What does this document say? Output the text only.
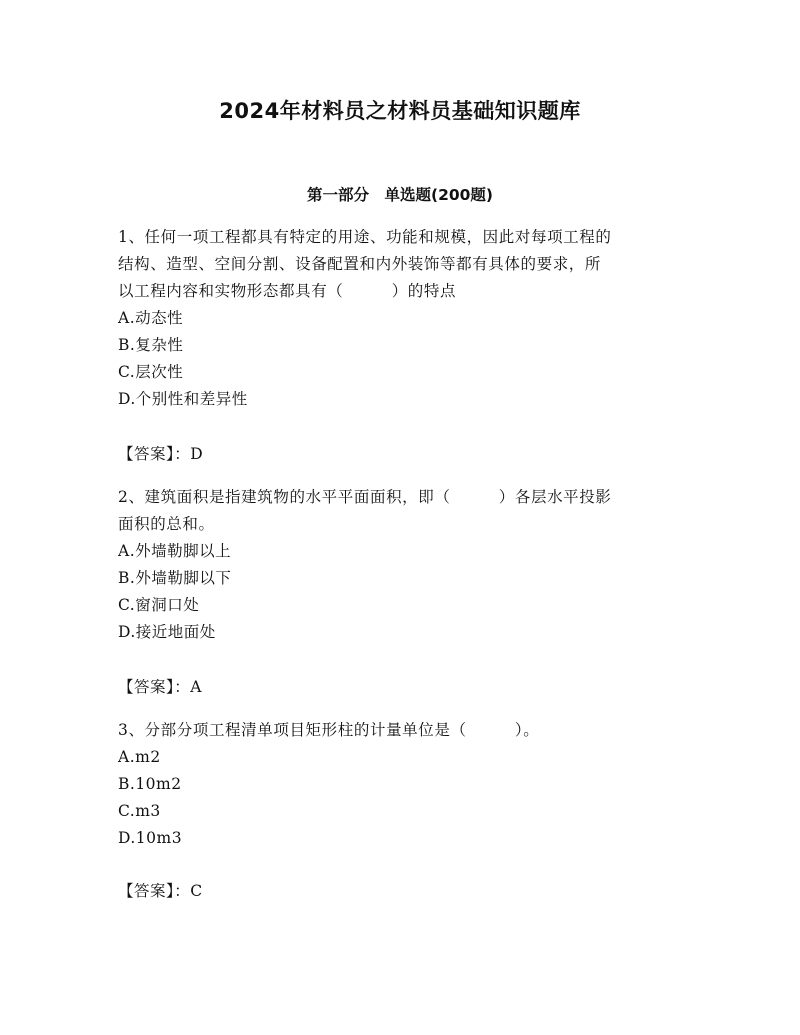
2024年材料员之材料员基础知识题库
第一部分　单选题(200题)

1、任何一项工程都具有特定的用途、功能和规模，因此对每项工程的

结构、造型、空间分割、设备配置和内外装饰等都有具体的要求，所

以工程内容和实物形态都具有（　　　）的特点

A.动态性

B.复杂性

C.层次性

D.个别性和差异性

【答案】：D

2、建筑面积是指建筑物的水平平面面积，即（　　　）各层水平投影

面积的总和。

A.外墙勒脚以上

B.外墙勒脚以下

C.窗洞口处

D.接近地面处

【答案】：A

3、分部分项工程清单项目矩形柱的计量单位是（　　　）。

A.m2

B.10m2

C.m3

D.10m3

【答案】：C
